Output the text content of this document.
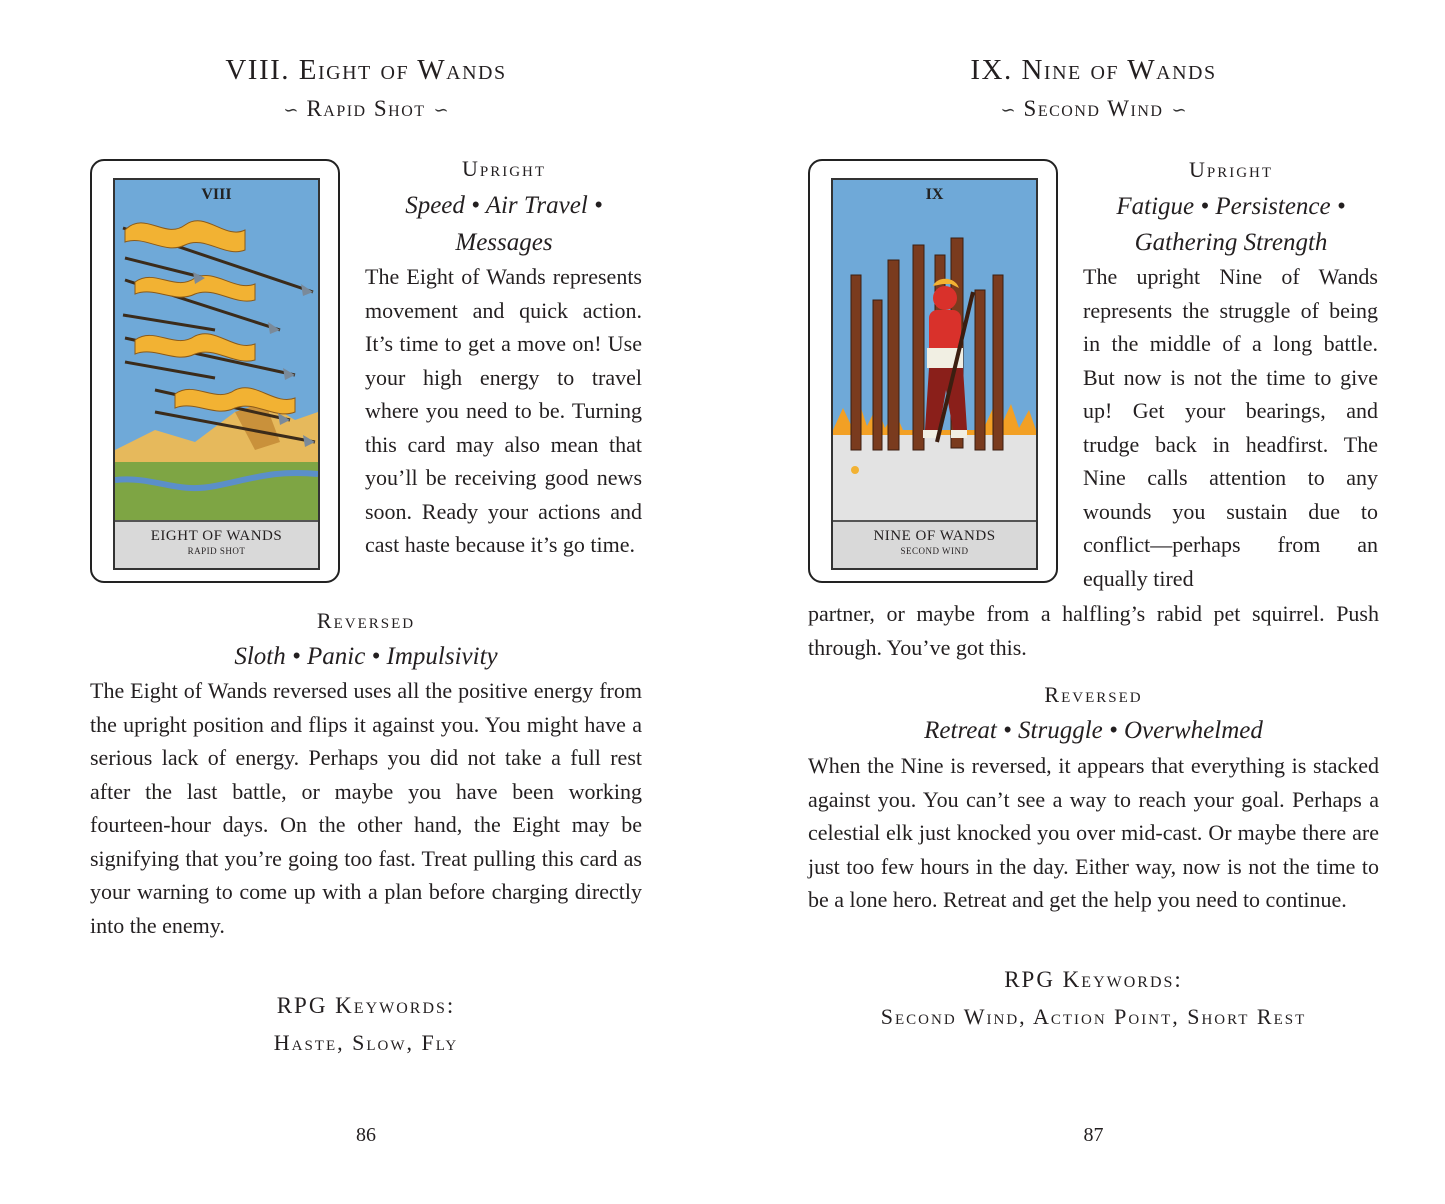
VIII. Eight of Wands
∽ Rapid Shot ∽
VIII
EIGHT OF WANDS
RAPID SHOT
Upright
Speed • Air Travel •
Messages

The Eight of Wands represents movement and quick action. It’s time to get a move on! Use your high energy to travel where you need to be. Turning this card may also mean that you’ll be receiving good news soon. Ready your actions and cast haste because it’s go time.

Reversed
Sloth • Panic • Impulsivity

The Eight of Wands reversed uses all the positive energy from the upright position and flips it against you. You might have a serious lack of energy. Perhaps you did not take a full rest after the last battle, or maybe you have been working fourteen-hour days. On the other hand, the Eight may be signifying that you’re going too fast. Treat pulling this card as your warning to come up with a plan before charging directly into the enemy.

RPG Keywords:
Haste, Slow, Fly
86
IX. Nine of Wands
∽ Second Wind ∽
IX
NINE OF WANDS
SECOND WIND
Upright
Fatigue • Persistence •
Gathering Strength

The upright Nine of Wands represents the struggle of being in the middle of a long battle. But now is not the time to give up! Get your bearings, and trudge back in headfirst. The Nine calls attention to any wounds you sustain due to conflict—perhaps from an equally tired

partner, or maybe from a halfling’s rabid pet squirrel. Push through. You’ve got this.

Reversed
Retreat • Struggle • Overwhelmed

When the Nine is reversed, it appears that everything is stacked against you. You can’t see a way to reach your goal. Perhaps a celestial elk just knocked you over mid-cast. Or maybe there are just too few hours in the day. Either way, now is not the time to be a lone hero. Retreat and get the help you need to continue.

RPG Keywords:
Second Wind, Action Point, Short Rest
87
